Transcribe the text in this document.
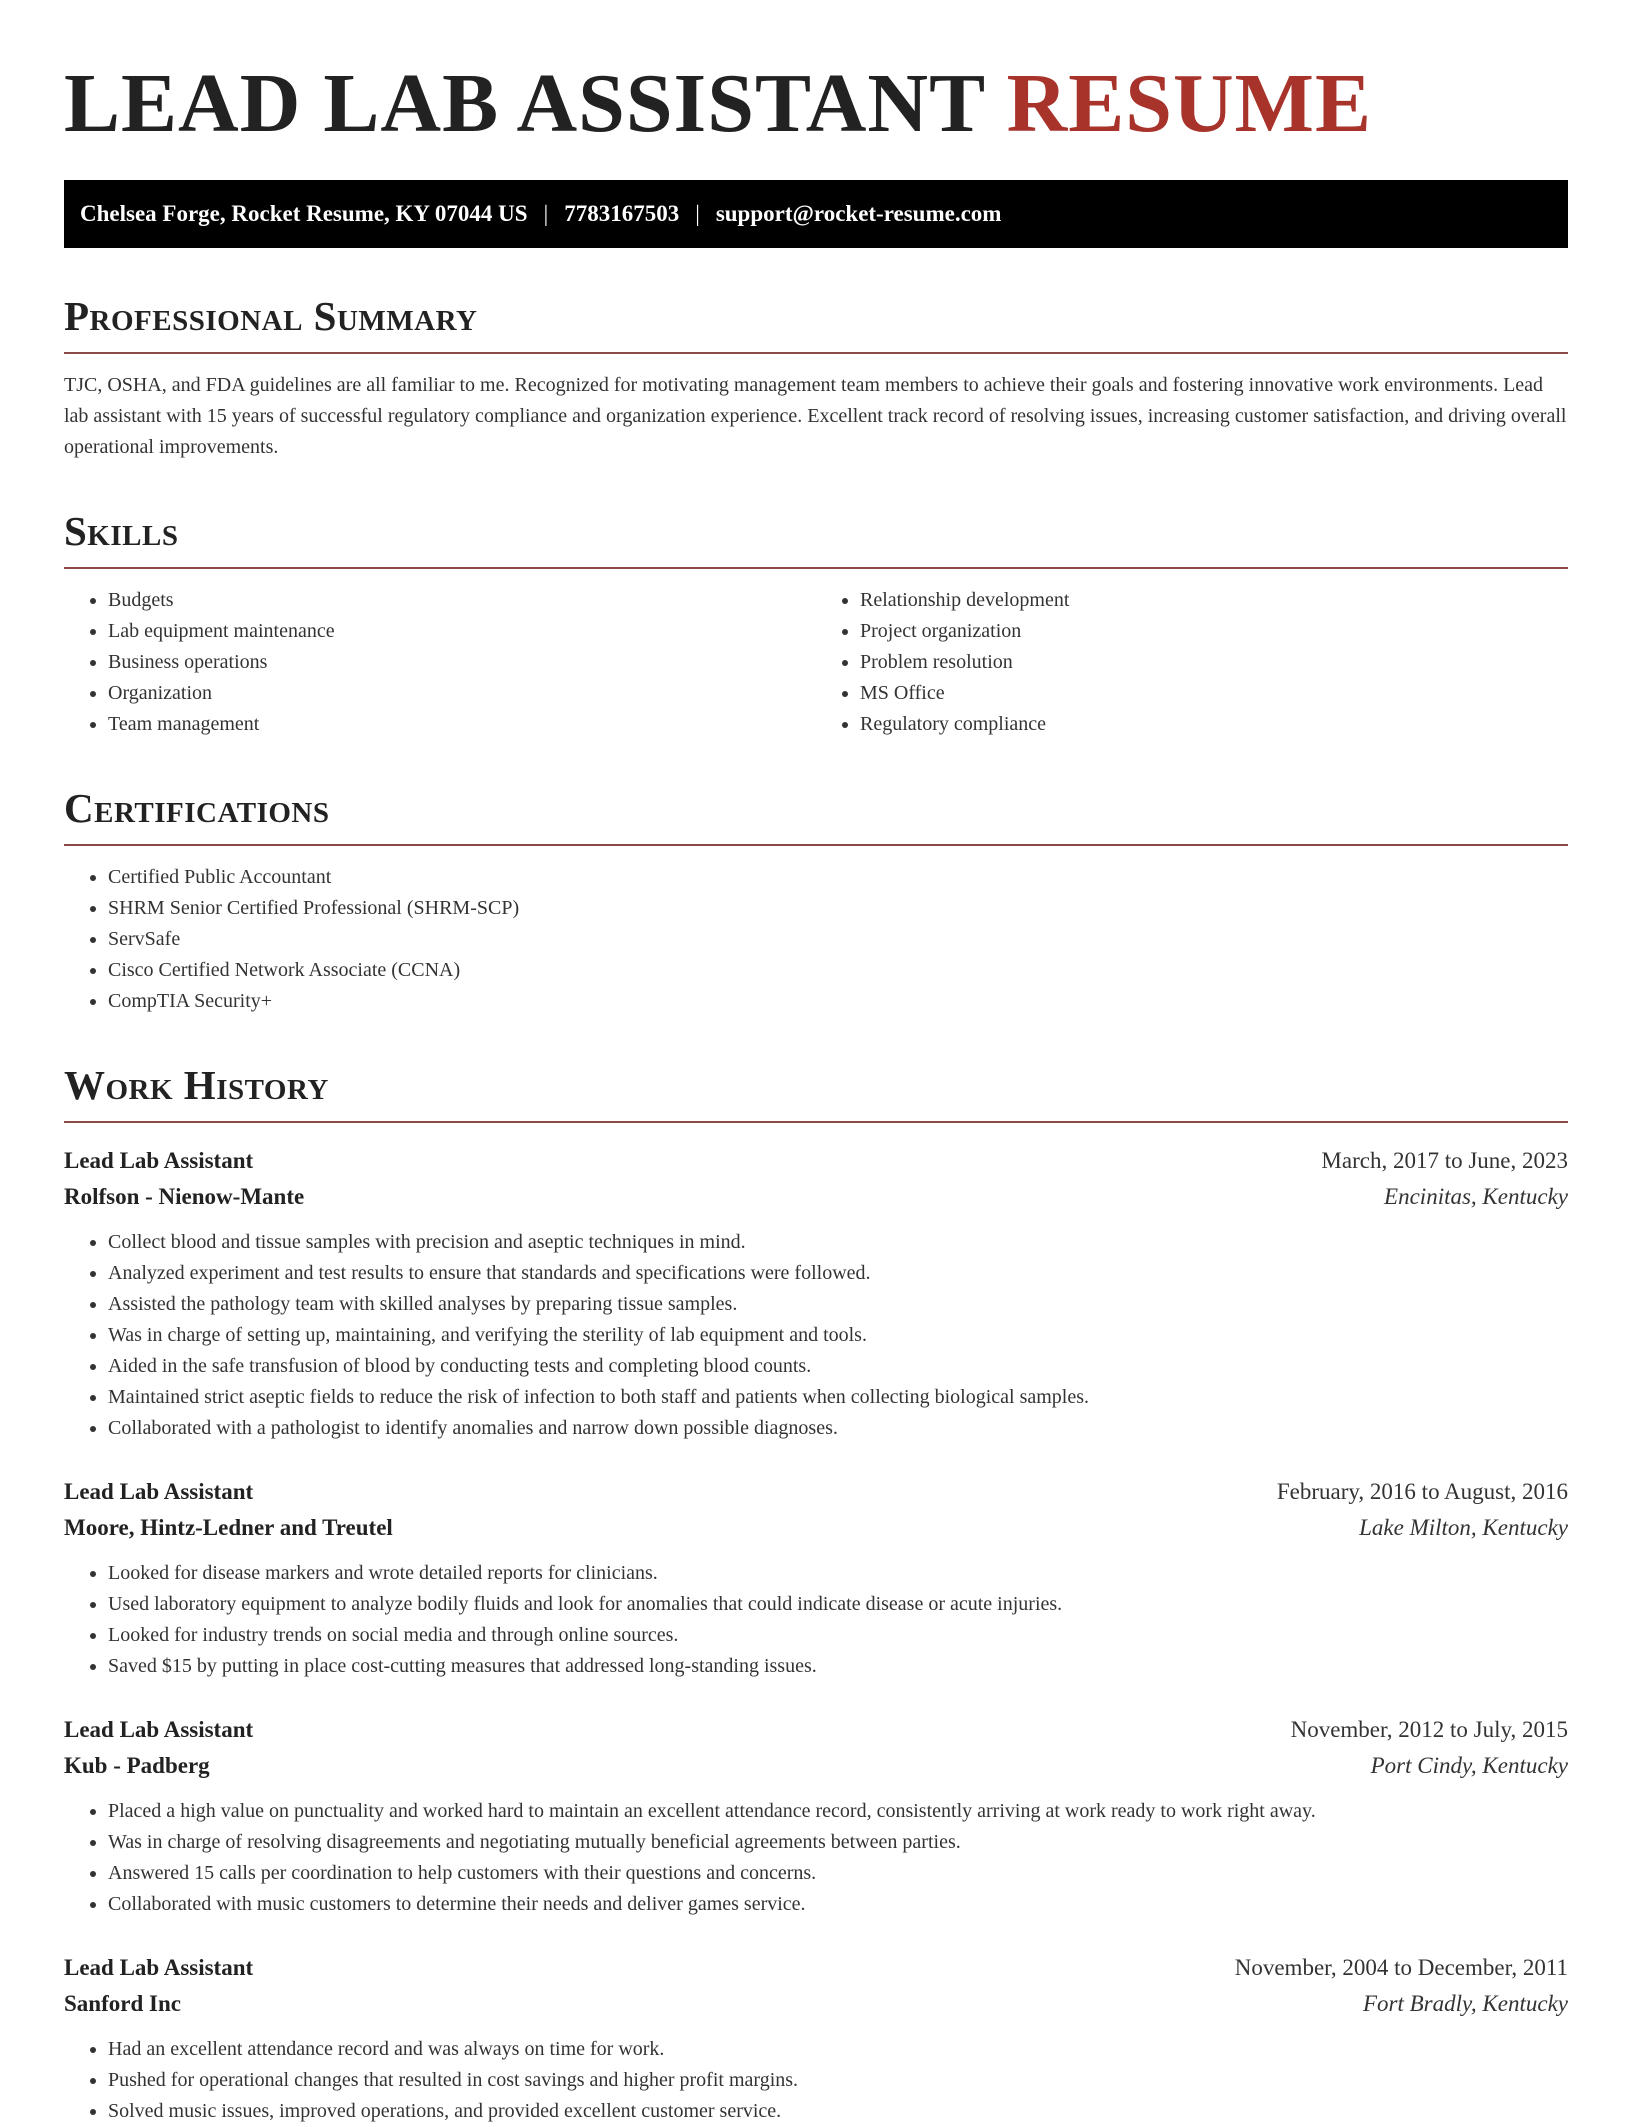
LEAD LAB ASSISTANT RESUME
Chelsea Forge, Rocket Resume, KY 07044 US | 7783167503 | support@rocket-resume.com
Professional Summary

TJC, OSHA, and FDA guidelines are all familiar to me. Recognized for motivating management team members to achieve their goals and fostering innovative work environments. Lead lab assistant with 15 years of successful regulatory compliance and organization experience. Excellent track record of resolving issues, increasing customer satisfaction, and driving overall operational improvements.

Skills
• Budgets
• Lab equipment maintenance
• Business operations
• Organization
• Team management
• Relationship development
• Project organization
• Problem resolution
• MS Office
• Regulatory compliance
Certifications
• Certified Public Accountant
• SHRM Senior Certified Professional (SHRM-SCP)
• ServSafe
• Cisco Certified Network Associate (CCNA)
• CompTIA Security+
Work History
Lead Lab Assistant	March, 2017 to June, 2023
Rolfson - Nienow-Mante	Encinitas, Kentucky
• Collect blood and tissue samples with precision and aseptic techniques in mind.
• Analyzed experiment and test results to ensure that standards and specifications were followed.
• Assisted the pathology team with skilled analyses by preparing tissue samples.
• Was in charge of setting up, maintaining, and verifying the sterility of lab equipment and tools.
• Aided in the safe transfusion of blood by conducting tests and completing blood counts.
• Maintained strict aseptic fields to reduce the risk of infection to both staff and patients when collecting biological samples.
• Collaborated with a pathologist to identify anomalies and narrow down possible diagnoses.
Lead Lab Assistant	February, 2016 to August, 2016
Moore, Hintz-Ledner and Treutel	Lake Milton, Kentucky
• Looked for disease markers and wrote detailed reports for clinicians.
• Used laboratory equipment to analyze bodily fluids and look for anomalies that could indicate disease or acute injuries.
• Looked for industry trends on social media and through online sources.
• Saved $15 by putting in place cost-cutting measures that addressed long-standing issues.
Lead Lab Assistant	November, 2012 to July, 2015
Kub - Padberg	Port Cindy, Kentucky
• Placed a high value on punctuality and worked hard to maintain an excellent attendance record, consistently arriving at work ready to work right away.
• Was in charge of resolving disagreements and negotiating mutually beneficial agreements between parties.
• Answered 15 calls per coordination to help customers with their questions and concerns.
• Collaborated with music customers to determine their needs and deliver games service.
Lead Lab Assistant	November, 2004 to December, 2011
Sanford Inc	Fort Bradly, Kentucky
• Had an excellent attendance record and was always on time for work.
• Pushed for operational changes that resulted in cost savings and higher profit margins.
• Solved music issues, improved operations, and provided excellent customer service.
